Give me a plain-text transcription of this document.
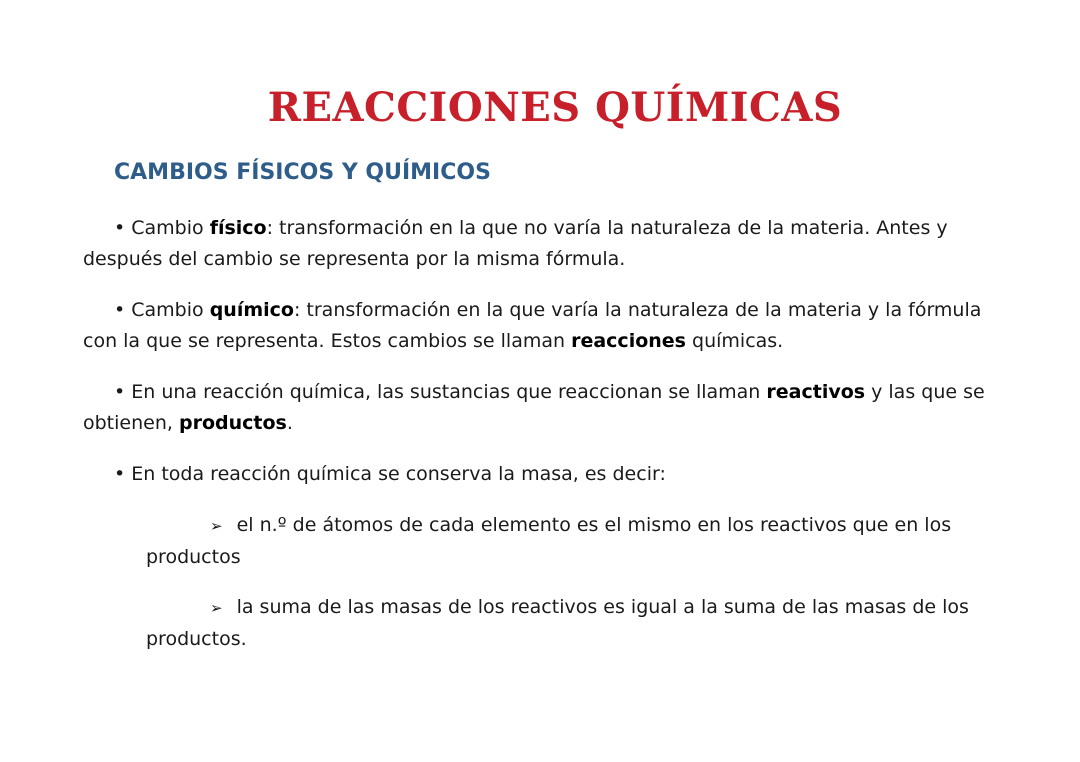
REACCIONES QUÍMICAS
CAMBIOS FÍSICOS Y QUÍMICOS

• Cambio físico: transformación en la que no varía la naturaleza de la materia. Antes y después del cambio se representa por la misma fórmula.

• Cambio químico: transformación en la que varía la naturaleza de la materia y la fórmula con la que se representa. Estos cambios se llaman reacciones químicas.

• En una reacción química, las sustancias que reaccionan se llaman reactivos y las que se obtienen, productos.

• En toda reacción química se conserva la masa, es decir:

➢ el n.º de átomos de cada elemento es el mismo en los reactivos que en los productos

➢ la suma de las masas de los reactivos es igual a la suma de las masas de los productos.
